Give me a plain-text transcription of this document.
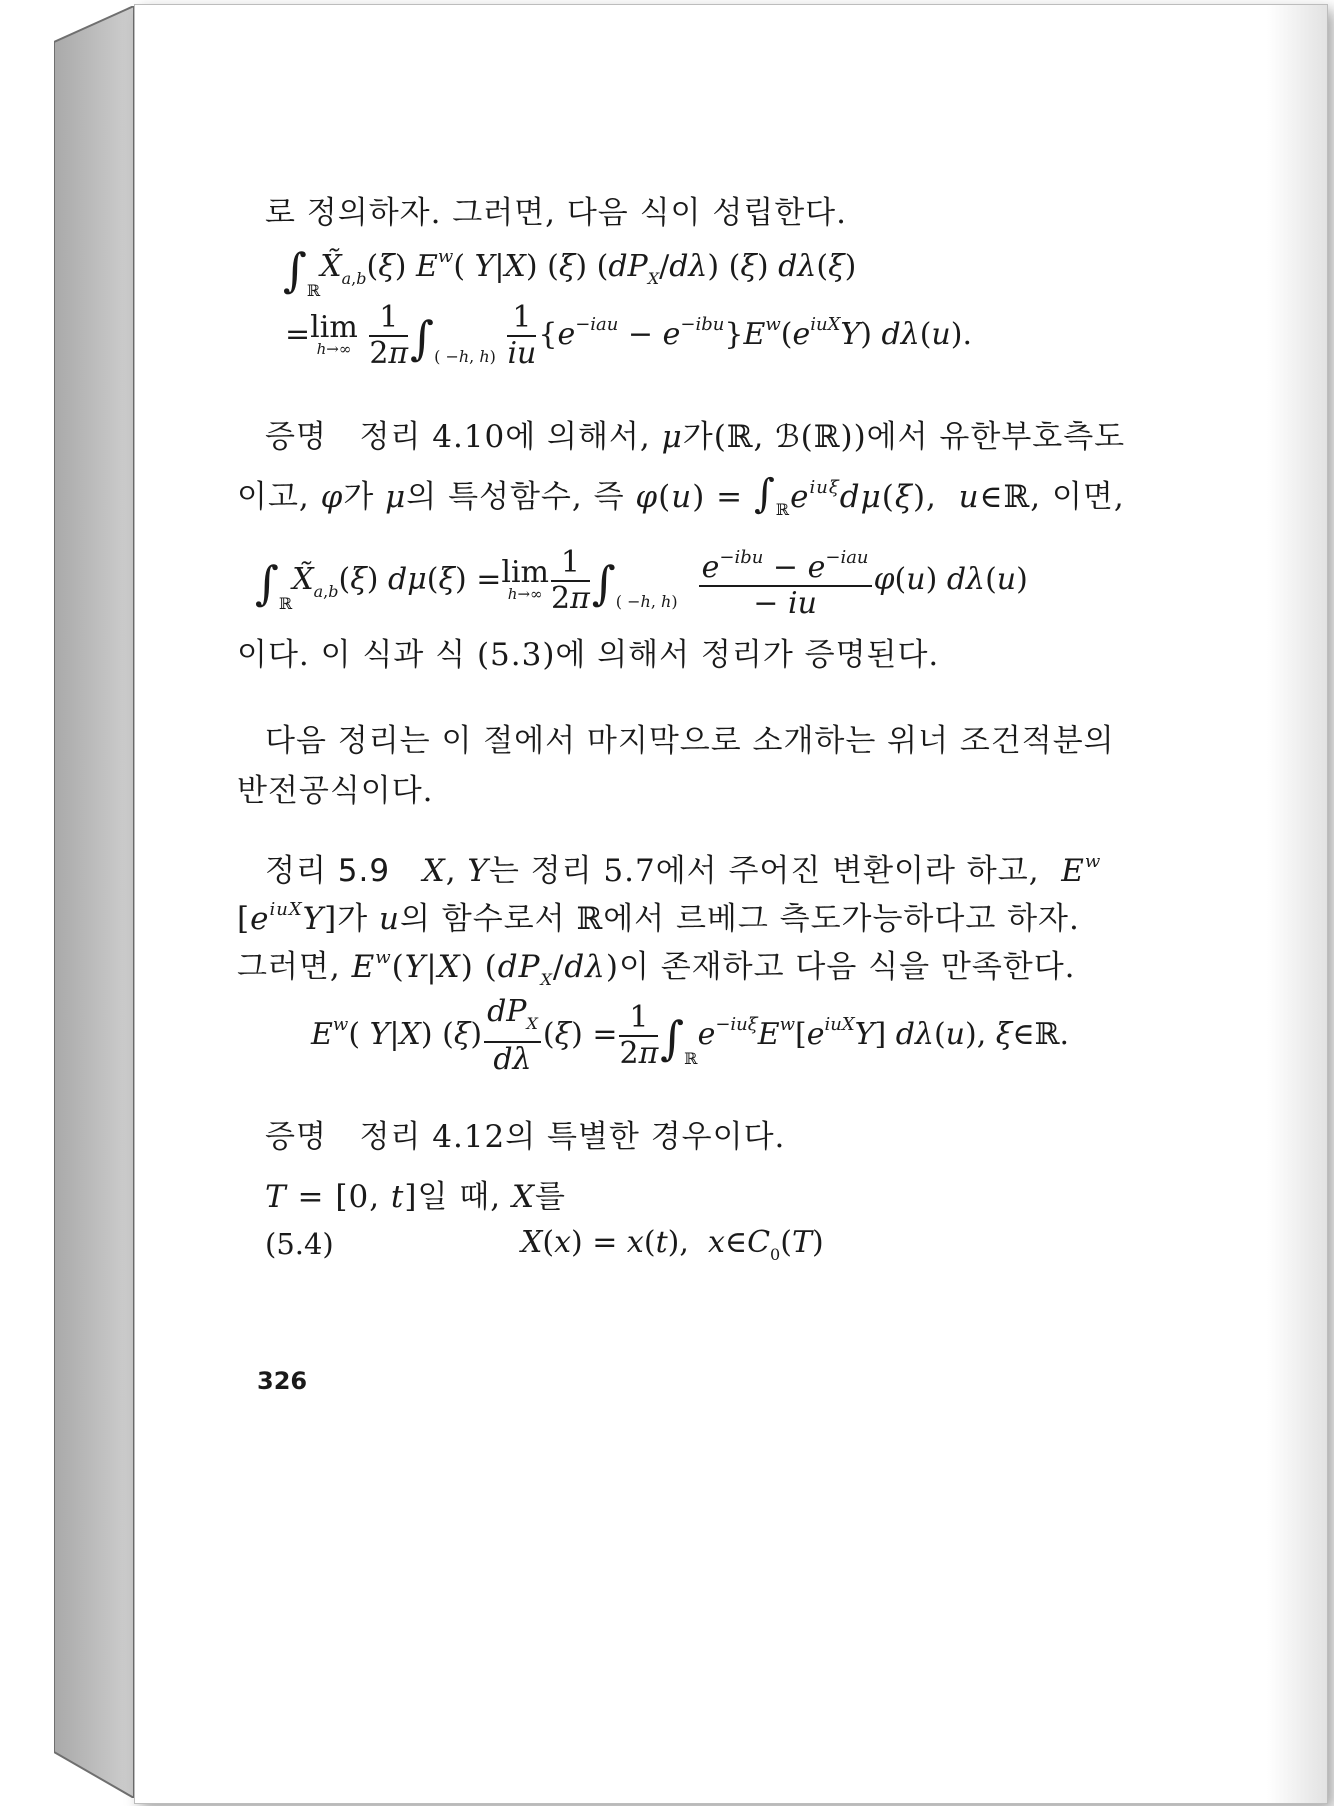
로 정의하자. 그러면, 다음 식이 성립한다.
$\int_ℝX̃_{a,b}(\xi)$ $E^w$( Y|X) (ξ) $(dP_X/d\lambda)$ (ξ) dλ(ξ)
=lim
h→∞
$\frac{1}{2\pi} \int_{( -h, h)} \frac{1}{iu} \{e^{-iau} - e^{-ibu}\}E^w(e^{iuX}Y)$ dλ(u).
증명 정리 4.10에 의해서, μ가(ℝ, ℬ(ℝ))에서 유한부호측도
이고, φ가 μ의 특성함수, 즉 $\varphi(u) = \int_ℝe^{iu\xi}d\mu(\xi)$,  u∈ℝ, 이면,
$\int_ℝX̃_{a,b}(\xi)$ dμ(ξ) =lim
$h\to\infty \frac{1}{2\pi} \int_{( -h, h)} \frac{e^{-ibu} - e^{-iau}}{- iu} \varphi(u)$ dλ(u)
이다. 이 식과 식 (5.3)에 의해서 정리가 증명된다.
다음 정리는 이 절에서 마지막으로 소개하는 위너 조건적분의
반전공식이다.
정리 5.9 X, Y는 정리 5.7에서 주어진 변환이라 하고, $E^w$
$[e^{iuX}Y]$가 u의 함수로서 ℝ에서 르베그 측도가능하다고 하자.
그러면, $E^w(Y|X)$ $(dP_X/d\lambda)$이 존재하고 다음 식을 만족한다.
$E^w$( Y|X) $(\xi) \frac{dP_X}{d\lambda} (\xi) = \frac{1}{2\pi} \int_ℝe^{-iu\xi}E^w[e^{iuX}Y]$ dλ(u), ξ∈ℝ.
증명 정리 4.12의 특별한 경우이다.
T = [0, t]일 때, X를
(5.4)	X(x) = x(t),  $x\in C_0(T)$
326
